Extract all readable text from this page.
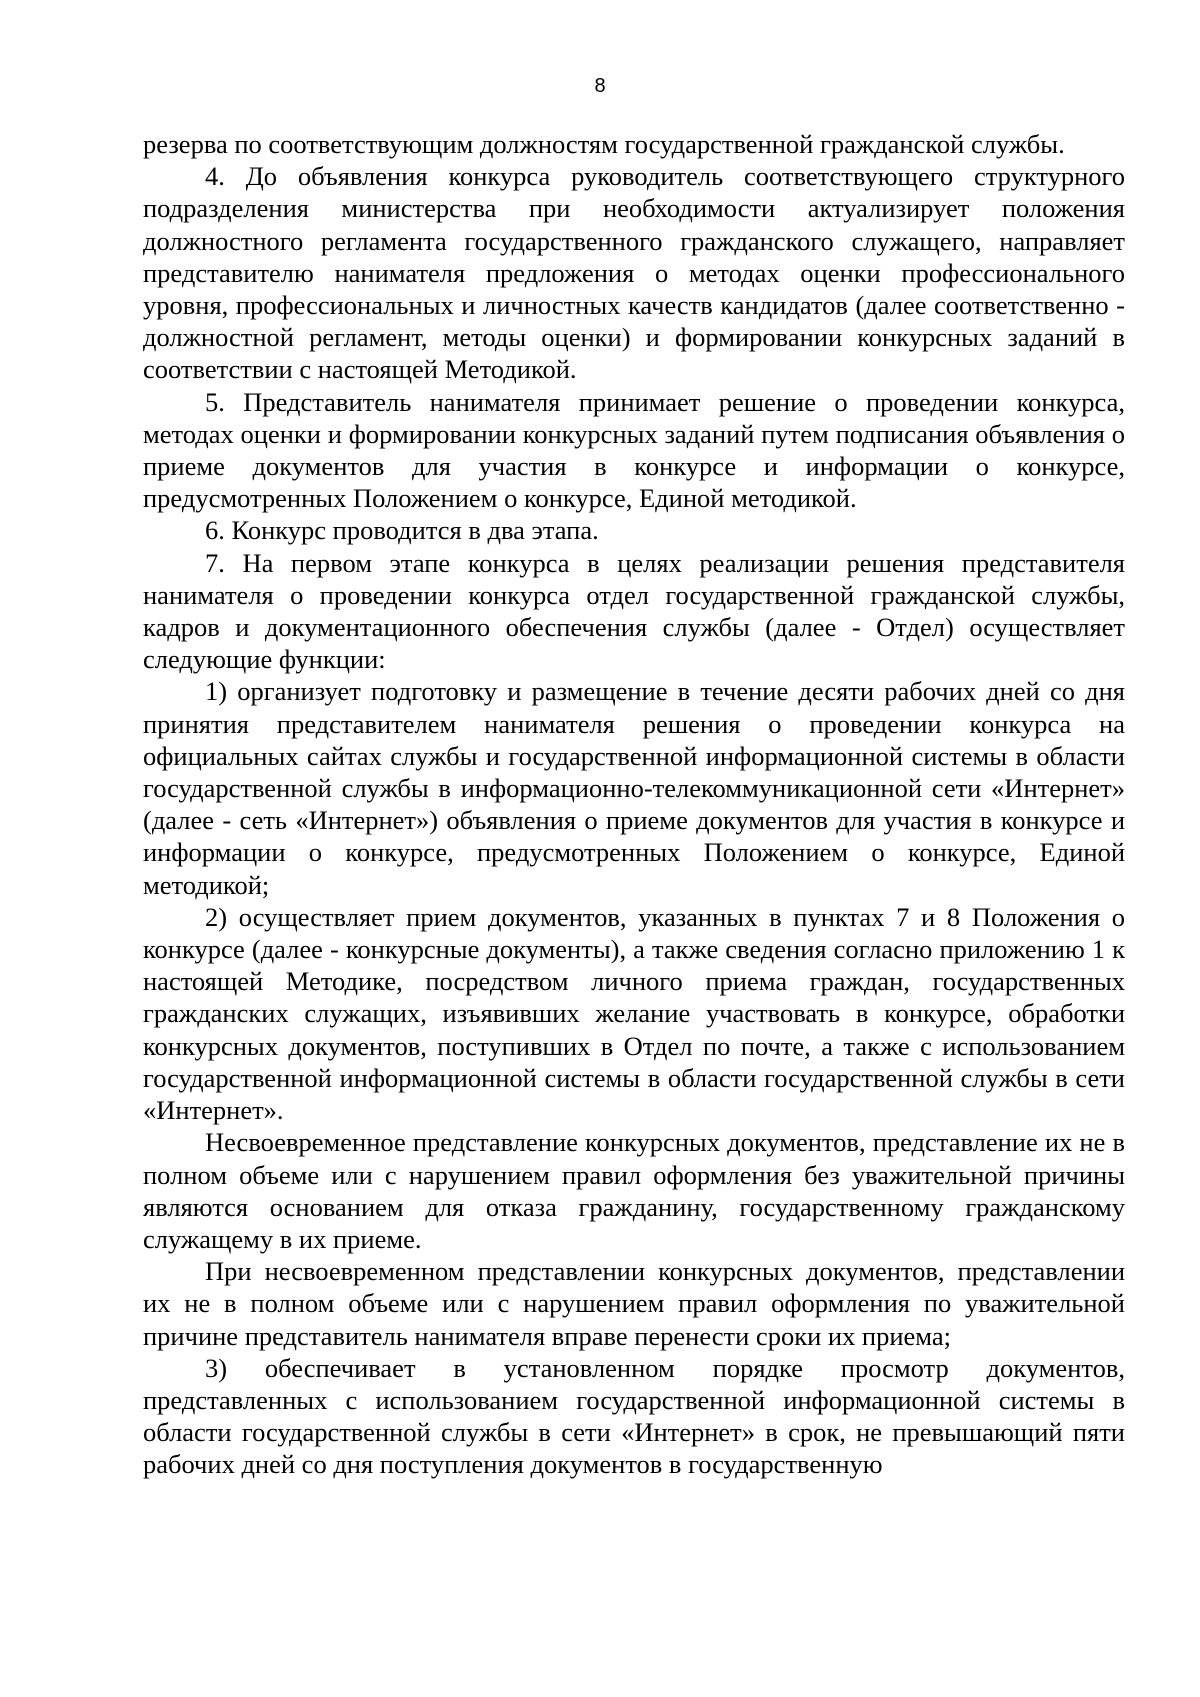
8

резерва по соответствующим должностям государственной гражданской службы.

4. До объявления конкурса руководитель соответствующего структурного подразделения министерства при необходимости актуализирует положения должностного регламента государственного гражданского служащего, направляет представителю нанимателя предложения о методах оценки профессионального уровня, профессиональных и личностных качеств кандидатов (далее соответственно - должностной регламент, методы оценки) и формировании конкурсных заданий в соответствии с настоящей Методикой.

5. Представитель нанимателя принимает решение о проведении конкурса, методах оценки и формировании конкурсных заданий путем подписания объявления о приеме документов для участия в конкурсе и информации о конкурсе, предусмотренных Положением о конкурсе, Единой методикой.

6. Конкурс проводится в два этапа.

7. На первом этапе конкурса в целях реализации решения представителя нанимателя о проведении конкурса отдел государственной гражданской службы, кадров и документационного обеспечения службы (далее - Отдел) осуществляет следующие функции:

1) организует подготовку и размещение в течение десяти рабочих дней со дня принятия представителем нанимателя решения о проведении конкурса на официальных сайтах службы и государственной информационной системы в области государственной службы в информационно-телекоммуникационной сети «Интернет» (далее - сеть «Интернет») объявления о приеме документов для участия в конкурсе и информации о конкурсе, предусмотренных Положением о конкурсе, Единой методикой;

2) осуществляет прием документов, указанных в пунктах 7 и 8 Положения о конкурсе (далее - конкурсные документы), а также сведения согласно приложению 1 к настоящей Методике, посредством личного приема граждан, государственных гражданских служащих, изъявивших желание участвовать в конкурсе, обработки конкурсных документов, поступивших в Отдел по почте, а также с использованием государственной информационной системы в области государственной службы в сети «Интернет».

Несвоевременное представление конкурсных документов, представление их не в полном объеме или с нарушением правил оформления без уважительной причины являются основанием для отказа гражданину, государственному гражданскому служащему в их приеме.

При несвоевременном представлении конкурсных документов, представлении их не в полном объеме или с нарушением правил оформления по уважительной причине представитель нанимателя вправе перенести сроки их приема;

3) обеспечивает в установленном порядке просмотр документов, представленных с использованием государственной информационной системы в области государственной службы в сети «Интернет» в срок, не превышающий пяти рабочих дней со дня поступления документов в государственную
